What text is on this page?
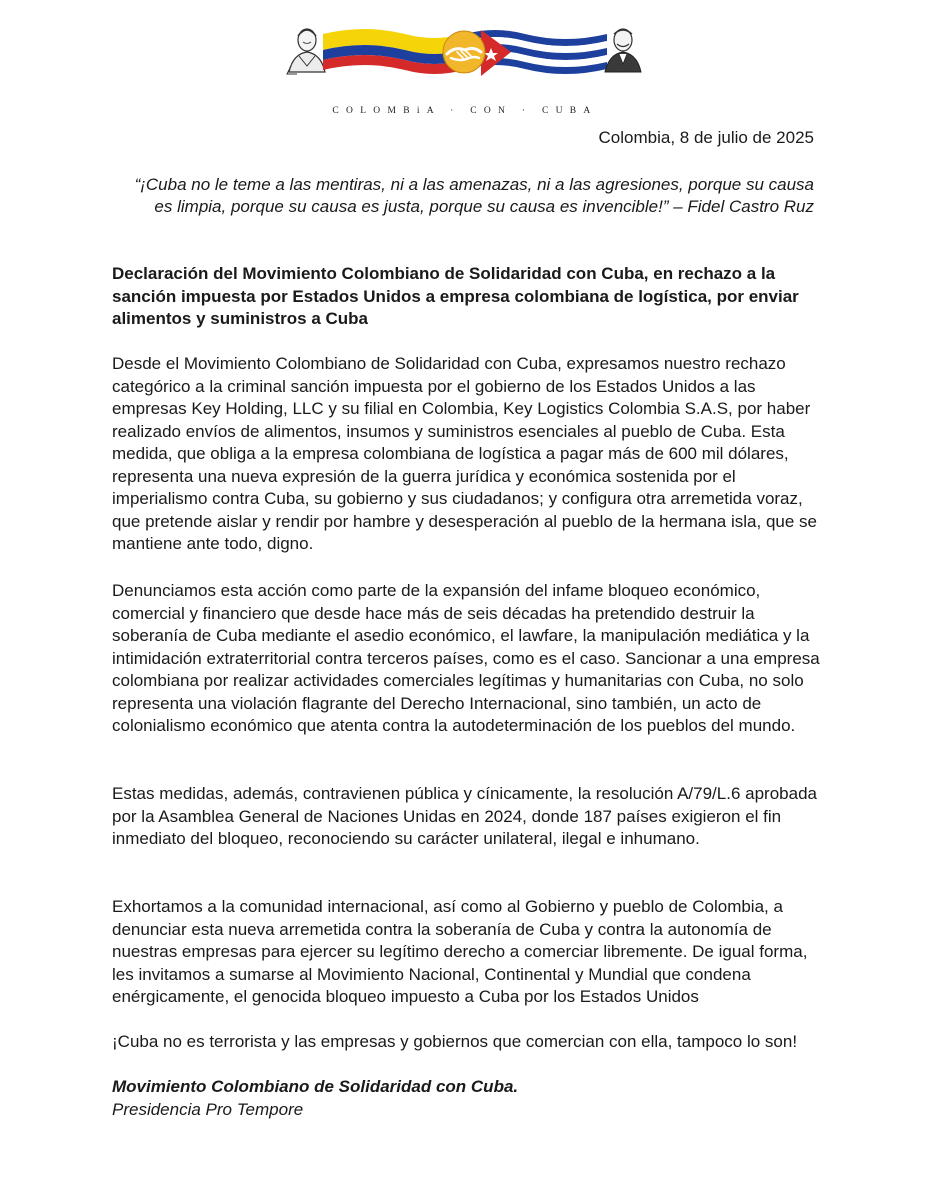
COLOMBiA · CON · CUBA
Colombia, 8 de julio de 2025
“¡Cuba no le teme a las mentiras, ni a las amenazas, ni a las agresiones, porque su causa es limpia, porque su causa es justa, porque su causa es invencible!” – Fidel Castro Ruz
Declaración del Movimiento Colombiano de Solidaridad con Cuba, en rechazo a la sanción impuesta por Estados Unidos a empresa colombiana de logística, por enviar alimentos y suministros a Cuba

Desde el Movimiento Colombiano de Solidaridad con Cuba, expresamos nuestro rechazo categórico a la criminal sanción impuesta por el gobierno de los Estados Unidos a las empresas Key Holding, LLC y su filial en Colombia, Key Logistics Colombia S.A.S, por haber realizado envíos de alimentos, insumos y suministros esenciales al pueblo de Cuba. Esta medida, que obliga a la empresa colombiana de logística a pagar más de 600 mil dólares, representa una nueva expresión de la guerra jurídica y económica sostenida por el imperialismo contra Cuba, su gobierno y sus ciudadanos; y configura otra arremetida voraz, que pretende aislar y rendir por hambre y desesperación al pueblo de la hermana isla, que se mantiene ante todo, digno.

Denunciamos esta acción como parte de la expansión del infame bloqueo económico, comercial y financiero que desde hace más de seis décadas ha pretendido destruir la soberanía de Cuba mediante el asedio económico, el lawfare, la manipulación mediática y la intimidación extraterritorial contra terceros países, como es el caso. Sancionar a una empresa colombiana por realizar actividades comerciales legítimas y humanitarias con Cuba, no solo representa una violación flagrante del Derecho Internacional, sino también, un acto de colonialismo económico que atenta contra la autodeterminación de los pueblos del mundo.

Estas medidas, además, contravienen pública y cínicamente, la resolución A/79/L.6 aprobada por la Asamblea General de Naciones Unidas en 2024, donde 187 países exigieron el fin inmediato del bloqueo, reconociendo su carácter unilateral, ilegal e inhumano.

Exhortamos a la comunidad internacional, así como al Gobierno y pueblo de Colombia, a denunciar esta nueva arremetida contra la soberanía de Cuba y contra la autonomía de nuestras empresas para ejercer su legítimo derecho a comerciar libremente. De igual forma, les invitamos a sumarse al Movimiento Nacional, Continental y Mundial que condena enérgicamente, el genocida bloqueo impuesto a Cuba por los Estados Unidos

¡Cuba no es terrorista y las empresas y gobiernos que comercian con ella, tampoco lo son!

Movimiento Colombiano de Solidaridad con Cuba.
Presidencia Pro Tempore
